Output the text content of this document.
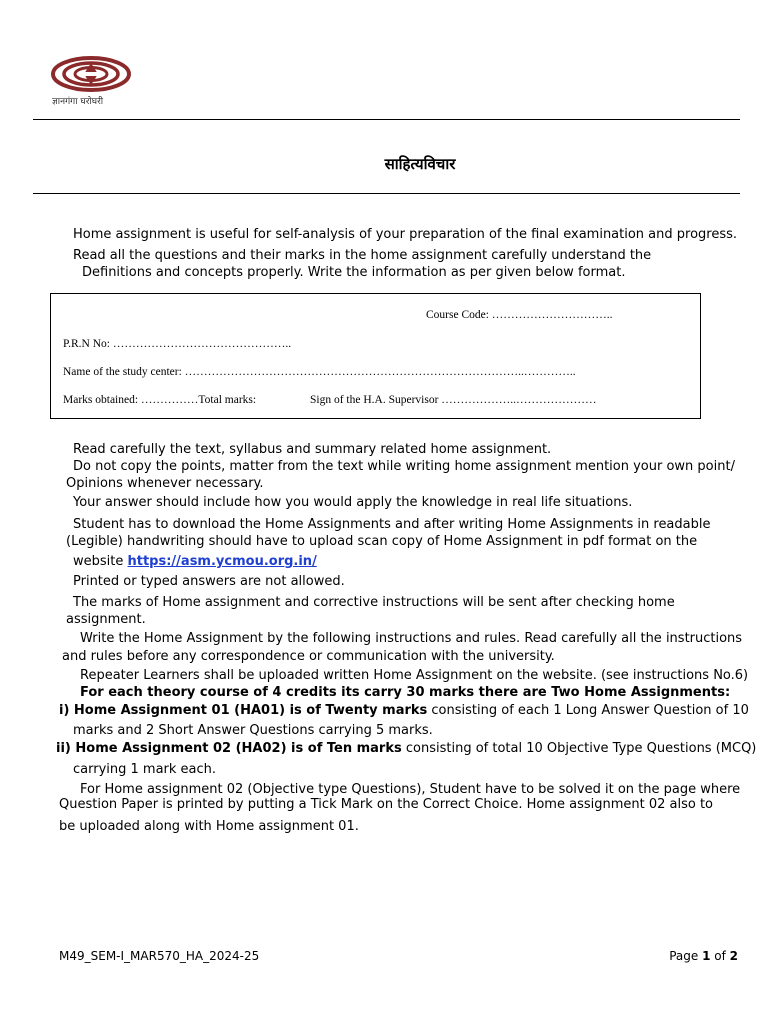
ज्ञानगंगा घरोघरी
साहित्यविचार
Home assignment is useful for self-analysis of your preparation of the final examination and progress.
Read all the questions and their marks in the home assignment carefully understand the
Definitions and concepts properly. Write the information as per given below format.
Course Code: …………………………..
P.R.N No: ………………………………………..
Name of the study center: ……………………………………………………………………………..…………..
Marks obtained: ……………Total marks:	Sign of the H.A. Supervisor ………………..…………………
Read carefully the text, syllabus and summary related home assignment.
Do not copy the points, matter from the text while writing home assignment mention your own point/
Opinions whenever necessary.
Your answer should include how you would apply the knowledge in real life situations.
Student has to download the Home Assignments and after writing Home Assignments in readable
(Legible) handwriting should have to upload scan copy of Home Assignment in pdf format on the
website https://asm.ycmou.org.in/
Printed or typed answers are not allowed.
The marks of Home assignment and corrective instructions will be sent after checking home
assignment.
Write the Home Assignment by the following instructions and rules. Read carefully all the instructions
and rules before any correspondence or communication with the university.
Repeater Learners shall be uploaded written Home Assignment on the website. (see instructions No.6)
For each theory course of 4 credits its carry 30 marks there are Two Home Assignments:
i) Home Assignment 01 (HA01) is of Twenty marks consisting of each 1 Long Answer Question of 10
marks and 2 Short Answer Questions carrying 5 marks.
ii) Home Assignment 02 (HA02) is of Ten marks consisting of total 10 Objective Type Questions (MCQ)
carrying 1 mark each.
For Home assignment 02 (Objective type Questions), Student have to be solved it on the page where
Question Paper is printed by putting a Tick Mark on the Correct Choice. Home assignment 02 also to
be uploaded along with Home assignment 01.
M49_SEM-I_MAR570_HA_2024-25	Page 1 of 2
